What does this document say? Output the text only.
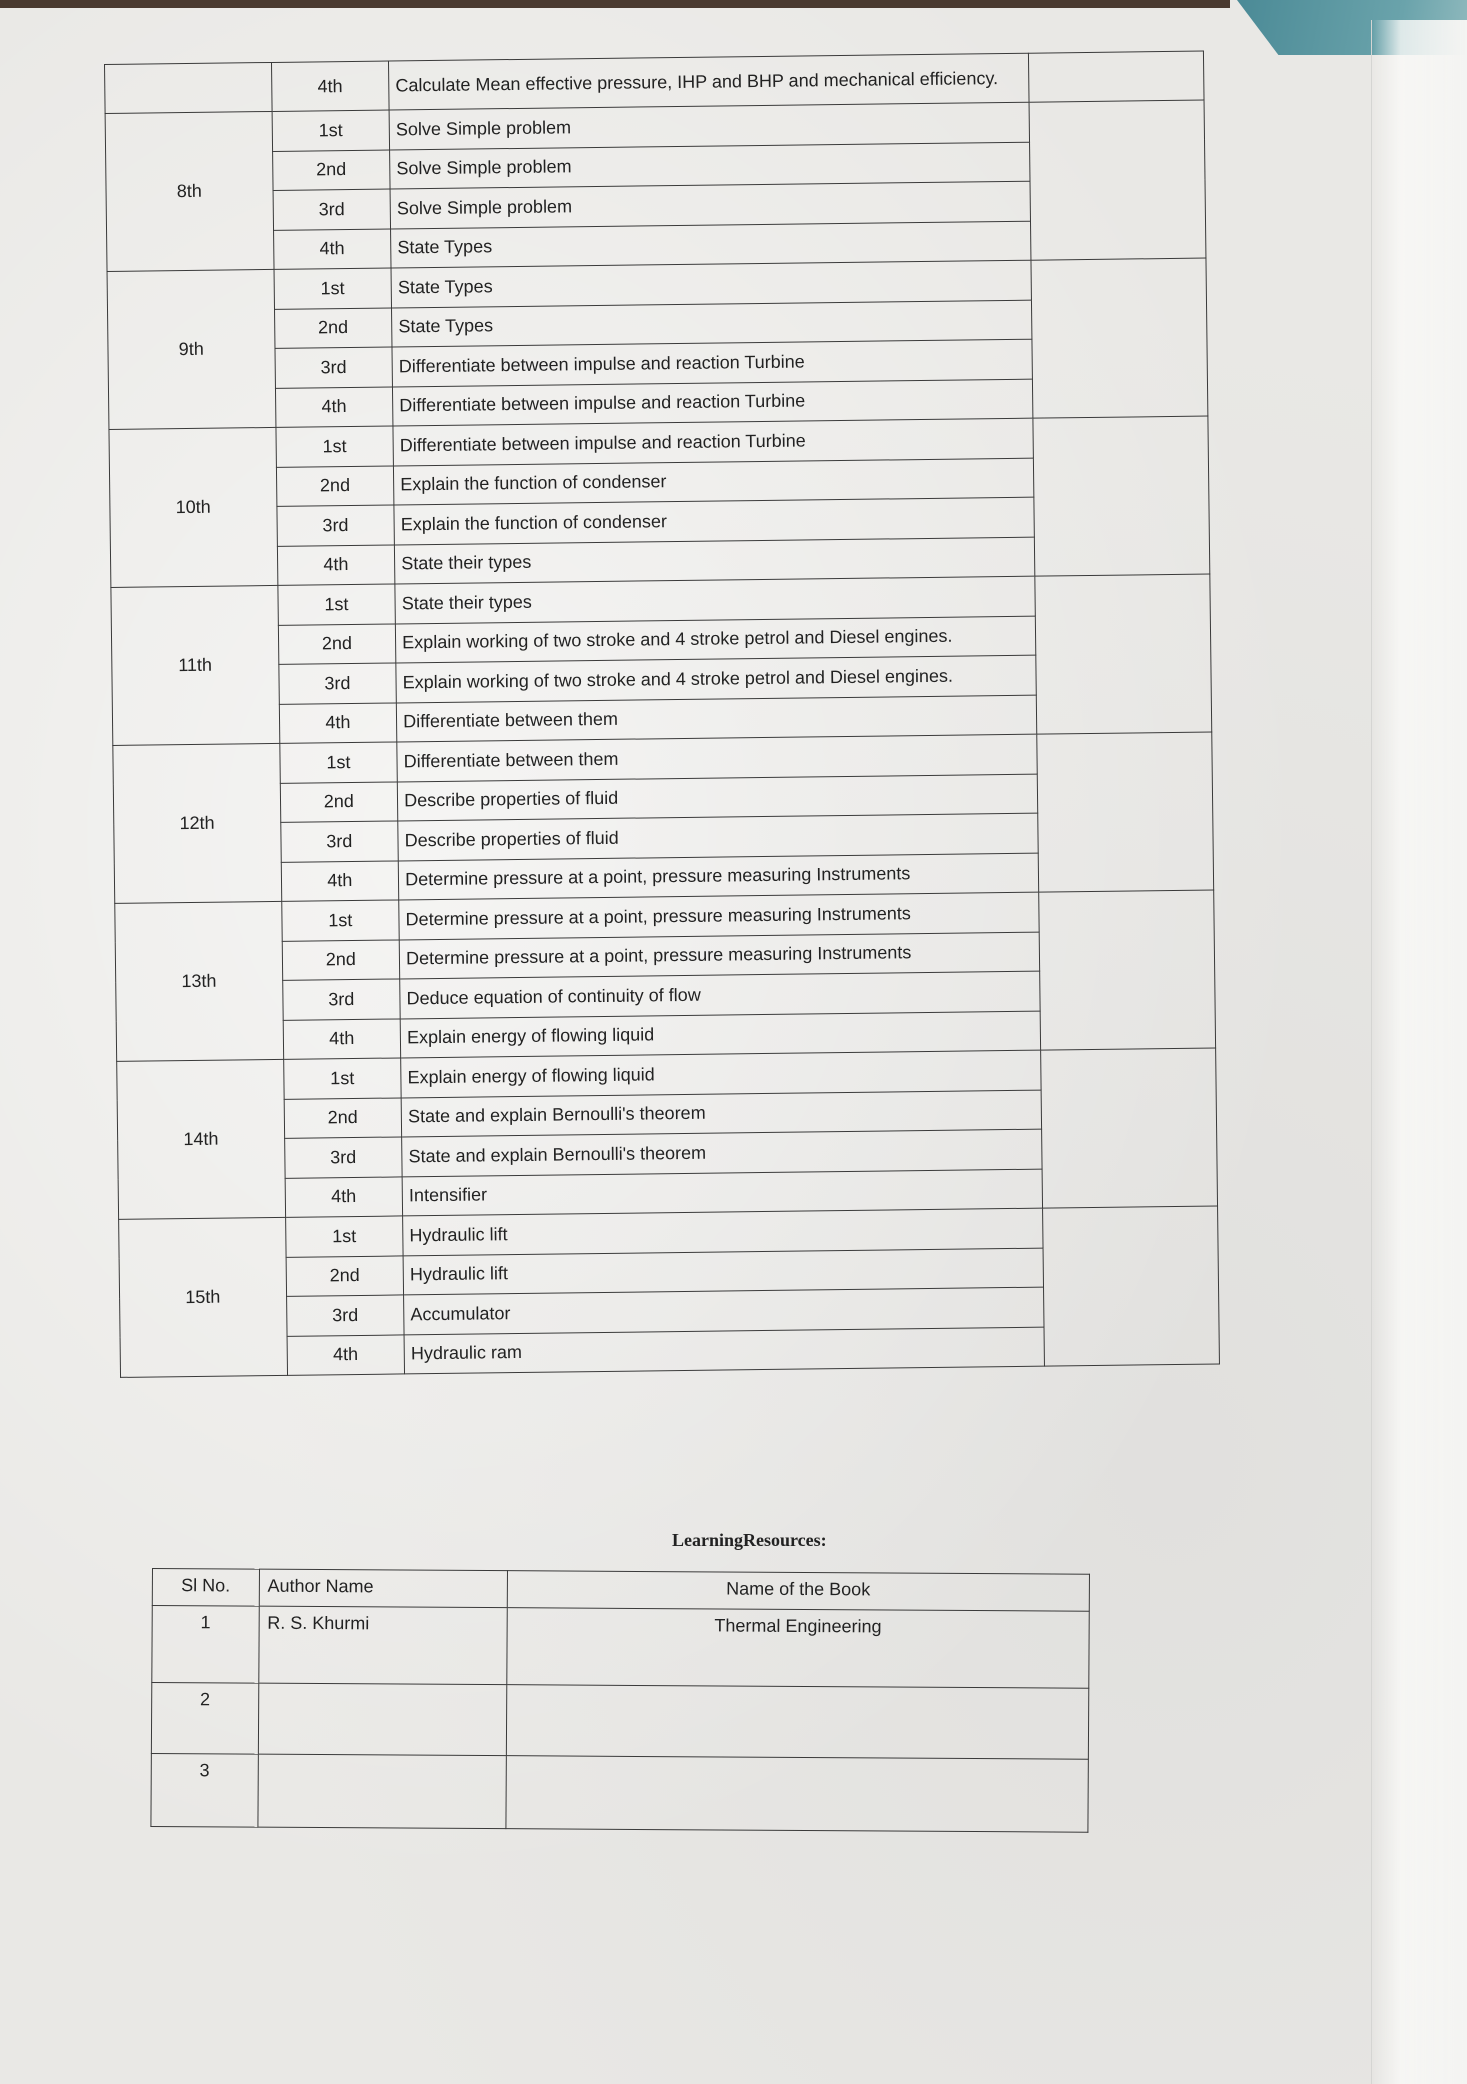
	4th	Calculate Mean effective pressure, IHP and BHP and mechanical efficiency.	
8th	1st	Solve Simple problem	
	2nd	Solve Simple problem	
	3rd	Solve Simple problem	
	4th	State Types	
9th	1st	State Types	
	2nd	State Types	
	3rd	Differentiate between impulse and reaction Turbine	
	4th	Differentiate between impulse and reaction Turbine	
10th	1st	Differentiate between impulse and reaction Turbine	
	2nd	Explain the function of condenser	
	3rd	Explain the function of condenser	
	4th	State their types	
11th	1st	State their types	
	2nd	Explain working of two stroke and 4 stroke petrol and Diesel engines.	
	3rd	Explain working of two stroke and 4 stroke petrol and Diesel engines.	
	4th	Differentiate between them	
12th	1st	Differentiate between them	
	2nd	Describe properties of fluid	
	3rd	Describe properties of fluid	
	4th	Determine pressure at a point, pressure measuring Instruments	
13th	1st	Determine pressure at a point, pressure measuring Instruments	
	2nd	Determine pressure at a point, pressure measuring Instruments	
	3rd	Deduce equation of continuity of flow	
	4th	Explain energy of flowing liquid	
14th	1st	Explain energy of flowing liquid	
	2nd	State and explain Bernoulli's theorem	
	3rd	State and explain Bernoulli's theorem	
	4th	Intensifier	
15th	1st	Hydraulic lift	
	2nd	Hydraulic lift	
	3rd	Accumulator	
	4th	Hydraulic ram	
LearningResources:
Sl No.	Author Name	Name of the Book
1	R. S. Khurmi	Thermal Engineering
2		
3		
